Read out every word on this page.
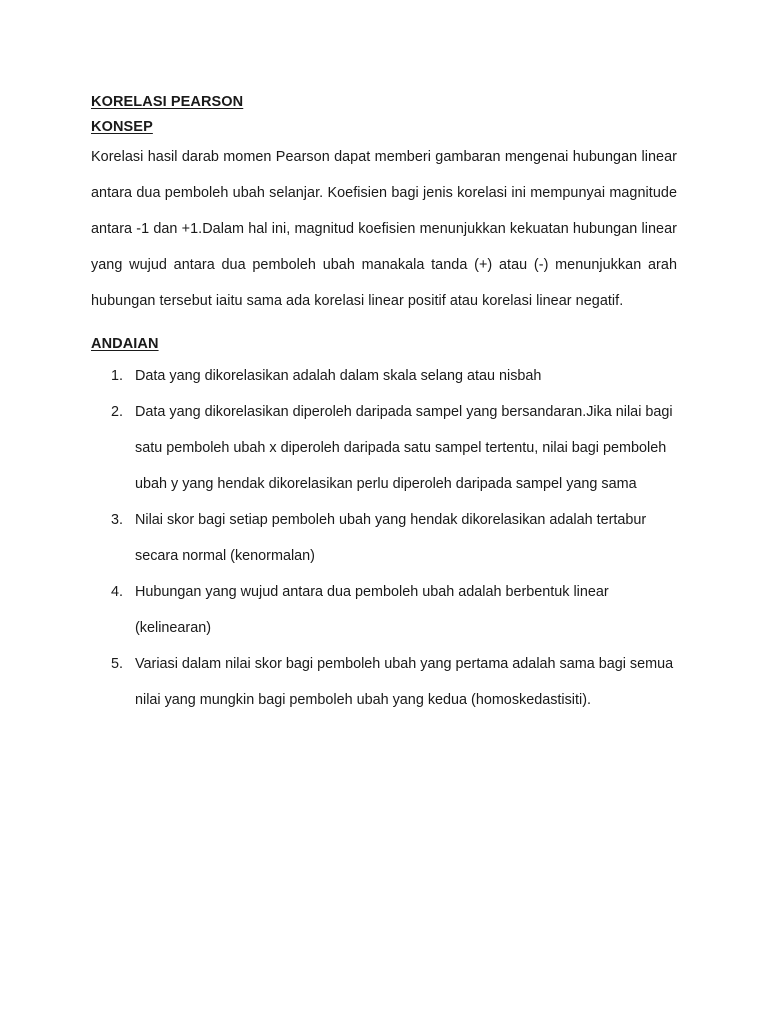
KORELASI PEARSON
KONSEP

Korelasi hasil darab momen Pearson dapat memberi gambaran mengenai hubungan linear antara dua pemboleh ubah selanjar. Koefisien bagi jenis korelasi ini mempunyai magnitude antara -1 dan +1.Dalam hal ini, magnitud koefisien menunjukkan kekuatan hubungan linear yang wujud antara dua pemboleh ubah manakala tanda (+) atau (-) menunjukkan arah hubungan tersebut iaitu sama ada korelasi linear positif atau korelasi linear negatif.

ANDAIAN
1. Data yang dikorelasikan adalah dalam skala selang atau nisbah
2. Data yang dikorelasikan diperoleh daripada sampel yang bersandaran.Jika nilai bagi satu pemboleh ubah x diperoleh daripada satu sampel tertentu, nilai bagi pemboleh ubah y yang hendak dikorelasikan perlu diperoleh daripada sampel yang sama
3. Nilai skor bagi setiap pemboleh ubah yang hendak dikorelasikan adalah tertabur secara normal (kenormalan)
4. Hubungan yang wujud antara dua pemboleh ubah adalah berbentuk linear (kelinearan)
5. Variasi dalam nilai skor bagi pemboleh ubah yang pertama adalah sama bagi semua nilai yang mungkin bagi pemboleh ubah yang kedua (homoskedastisiti).
